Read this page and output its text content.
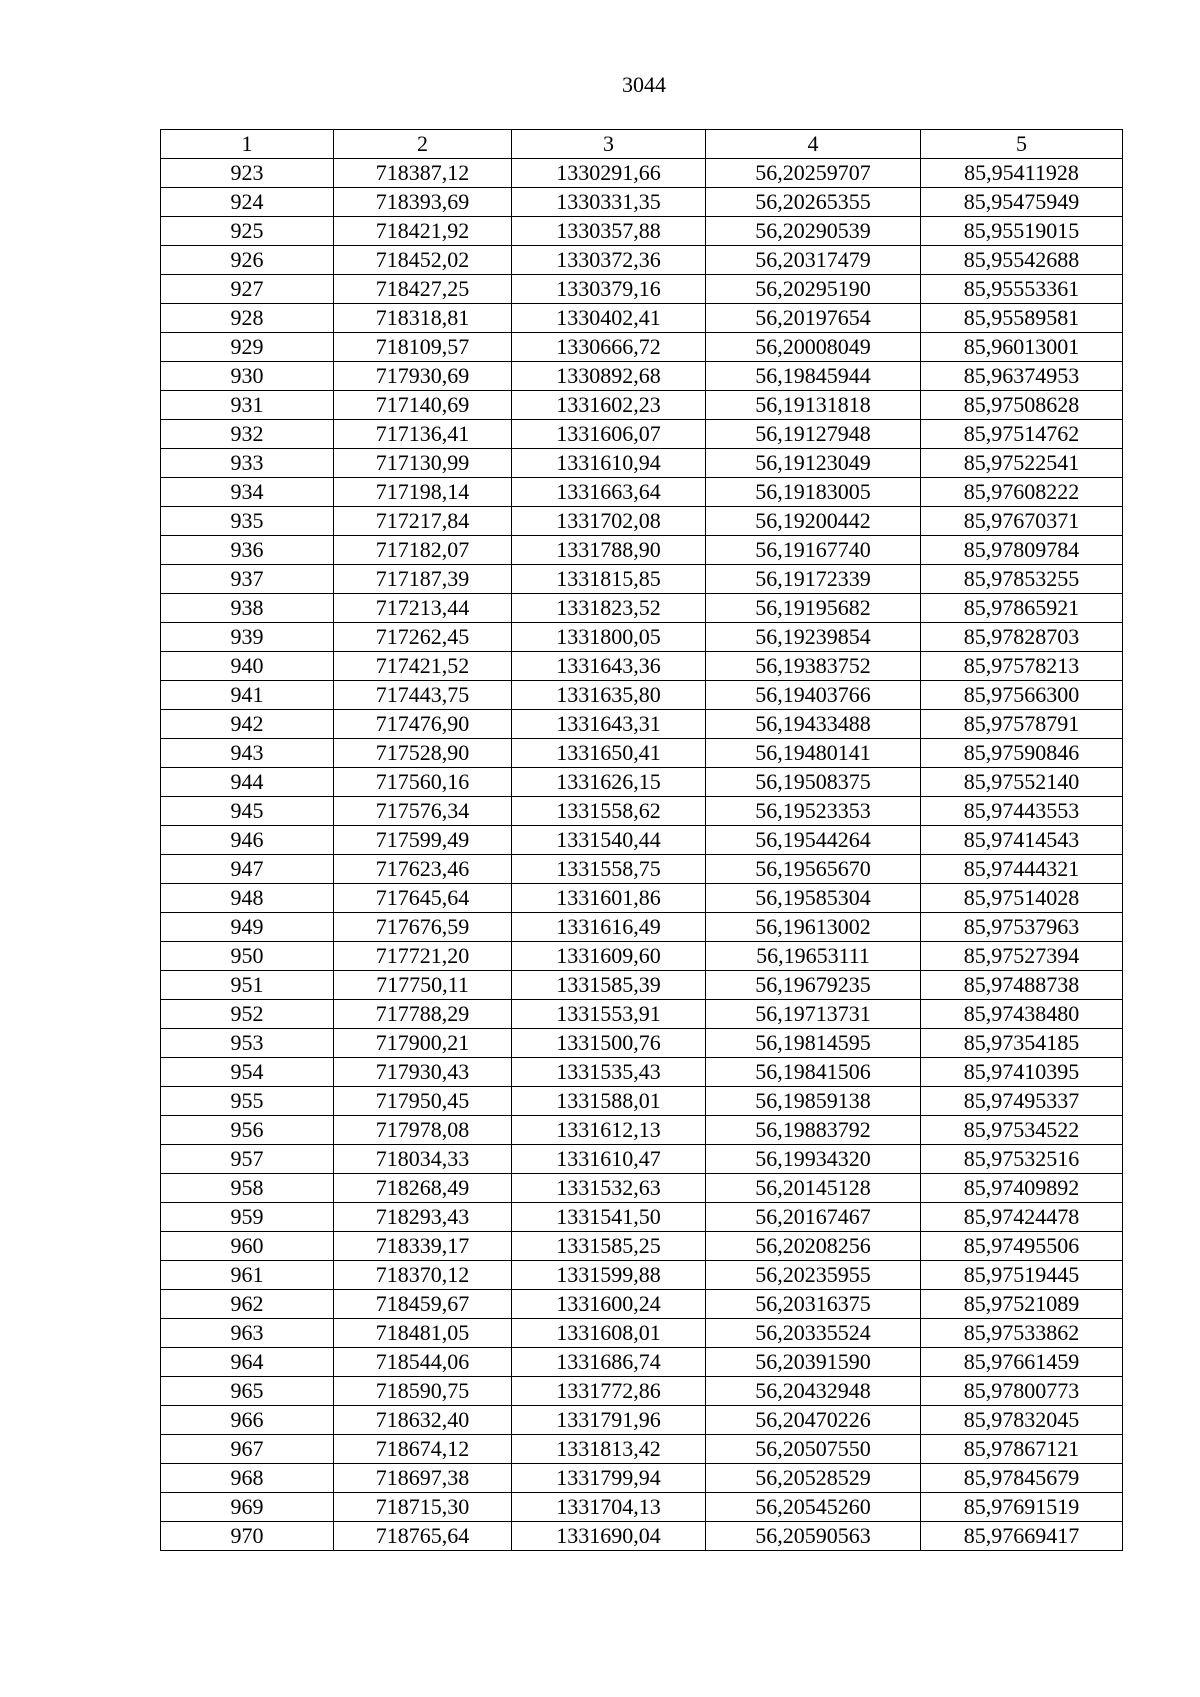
3044
1	2	3	4	5
923	718387,12	1330291,66	56,20259707	85,95411928
924	718393,69	1330331,35	56,20265355	85,95475949
925	718421,92	1330357,88	56,20290539	85,95519015
926	718452,02	1330372,36	56,20317479	85,95542688
927	718427,25	1330379,16	56,20295190	85,95553361
928	718318,81	1330402,41	56,20197654	85,95589581
929	718109,57	1330666,72	56,20008049	85,96013001
930	717930,69	1330892,68	56,19845944	85,96374953
931	717140,69	1331602,23	56,19131818	85,97508628
932	717136,41	1331606,07	56,19127948	85,97514762
933	717130,99	1331610,94	56,19123049	85,97522541
934	717198,14	1331663,64	56,19183005	85,97608222
935	717217,84	1331702,08	56,19200442	85,97670371
936	717182,07	1331788,90	56,19167740	85,97809784
937	717187,39	1331815,85	56,19172339	85,97853255
938	717213,44	1331823,52	56,19195682	85,97865921
939	717262,45	1331800,05	56,19239854	85,97828703
940	717421,52	1331643,36	56,19383752	85,97578213
941	717443,75	1331635,80	56,19403766	85,97566300
942	717476,90	1331643,31	56,19433488	85,97578791
943	717528,90	1331650,41	56,19480141	85,97590846
944	717560,16	1331626,15	56,19508375	85,97552140
945	717576,34	1331558,62	56,19523353	85,97443553
946	717599,49	1331540,44	56,19544264	85,97414543
947	717623,46	1331558,75	56,19565670	85,97444321
948	717645,64	1331601,86	56,19585304	85,97514028
949	717676,59	1331616,49	56,19613002	85,97537963
950	717721,20	1331609,60	56,19653111	85,97527394
951	717750,11	1331585,39	56,19679235	85,97488738
952	717788,29	1331553,91	56,19713731	85,97438480
953	717900,21	1331500,76	56,19814595	85,97354185
954	717930,43	1331535,43	56,19841506	85,97410395
955	717950,45	1331588,01	56,19859138	85,97495337
956	717978,08	1331612,13	56,19883792	85,97534522
957	718034,33	1331610,47	56,19934320	85,97532516
958	718268,49	1331532,63	56,20145128	85,97409892
959	718293,43	1331541,50	56,20167467	85,97424478
960	718339,17	1331585,25	56,20208256	85,97495506
961	718370,12	1331599,88	56,20235955	85,97519445
962	718459,67	1331600,24	56,20316375	85,97521089
963	718481,05	1331608,01	56,20335524	85,97533862
964	718544,06	1331686,74	56,20391590	85,97661459
965	718590,75	1331772,86	56,20432948	85,97800773
966	718632,40	1331791,96	56,20470226	85,97832045
967	718674,12	1331813,42	56,20507550	85,97867121
968	718697,38	1331799,94	56,20528529	85,97845679
969	718715,30	1331704,13	56,20545260	85,97691519
970	718765,64	1331690,04	56,20590563	85,97669417
